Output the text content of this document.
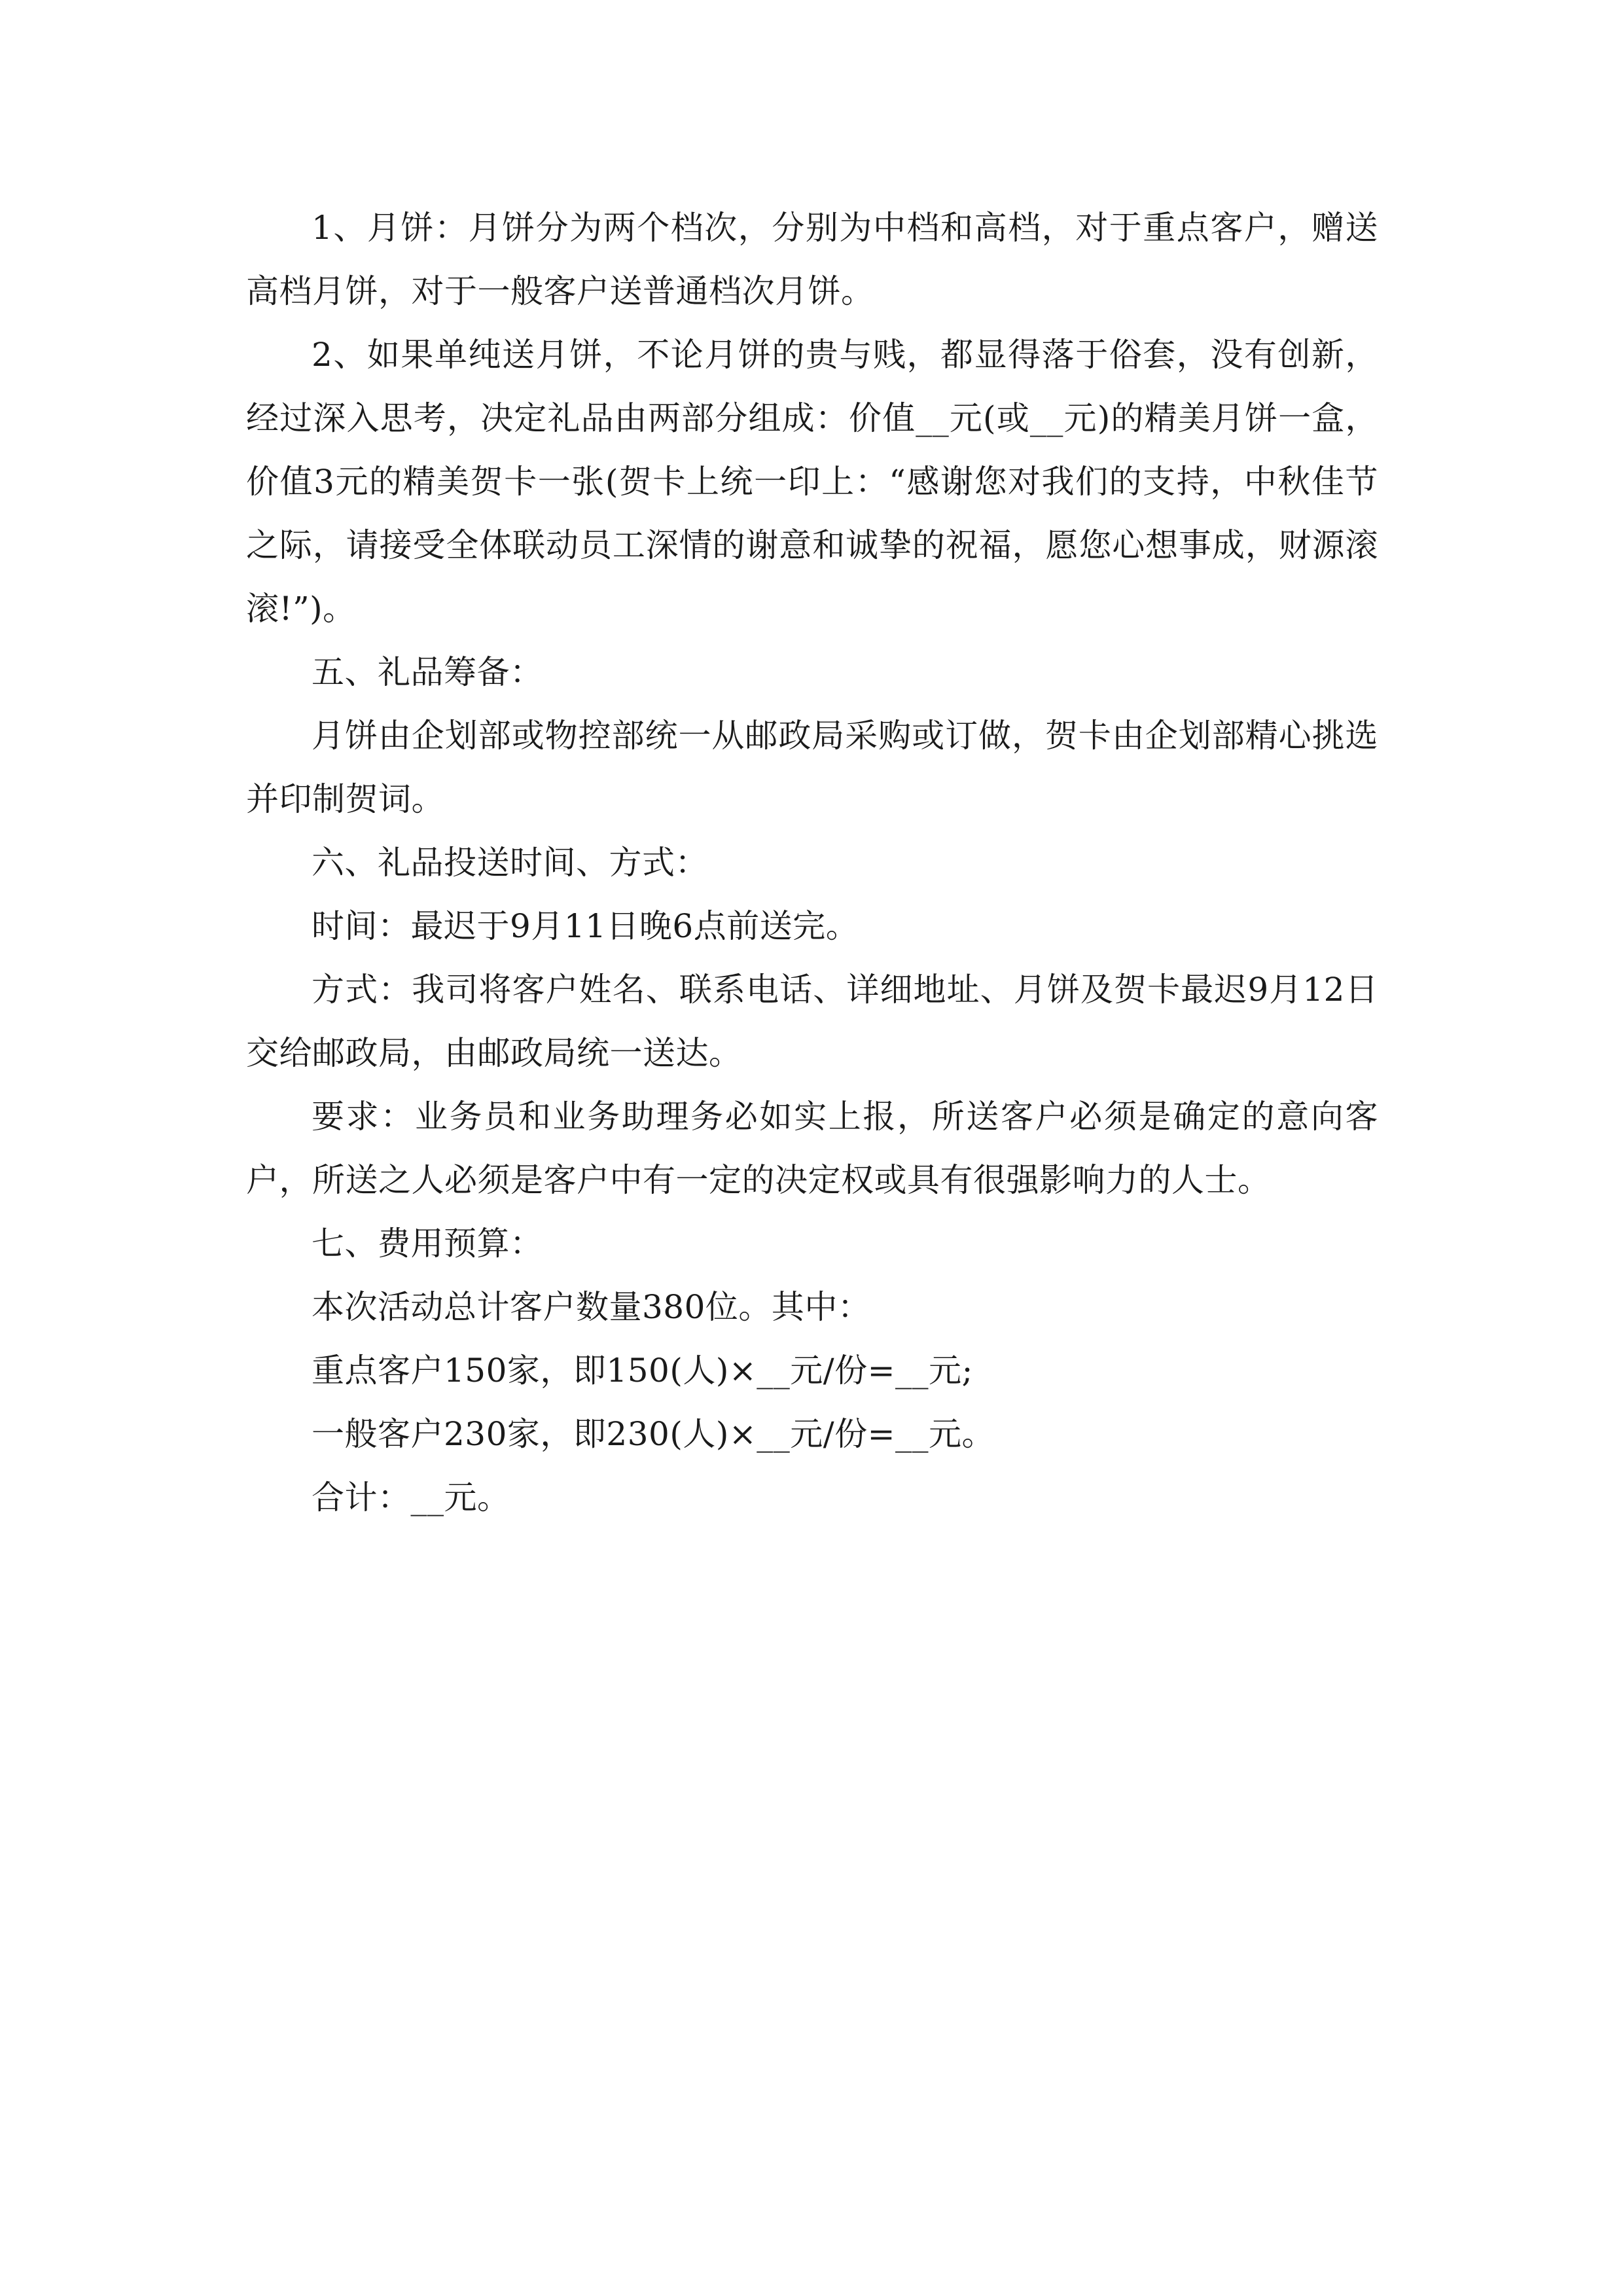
1、月饼：月饼分为两个档次，分别为中档和高档，对于重点客户，赠送高档月饼，对于一般客户送普通档次月饼。

2、如果单纯送月饼，不论月饼的贵与贱，都显得落于俗套，没有创新，经过深入思考，决定礼品由两部分组成：价值__元(或__元)的精美月饼一盒，价值3元的精美贺卡一张(贺卡上统一印上：“感谢您对我们的支持，中秋佳节之际，请接受全体联动员工深情的谢意和诚挚的祝福，愿您心想事成，财源滚滚!”)。

五、礼品筹备：

月饼由企划部或物控部统一从邮政局采购或订做，贺卡由企划部精心挑选并印制贺词。

六、礼品投送时间、方式：

时间：最迟于9月11日晚6点前送完。

方式：我司将客户姓名、联系电话、详细地址、月饼及贺卡最迟9月12日交给邮政局，由邮政局统一送达。

要求：业务员和业务助理务必如实上报，所送客户必须是确定的意向客户，所送之人必须是客户中有一定的决定权或具有很强影响力的人士。

七、费用预算：

本次活动总计客户数量380位。其中：

重点客户150家，即150(人)×__元/份=__元;

一般客户230家，即230(人)×__元/份=__元。

合计：__元。
